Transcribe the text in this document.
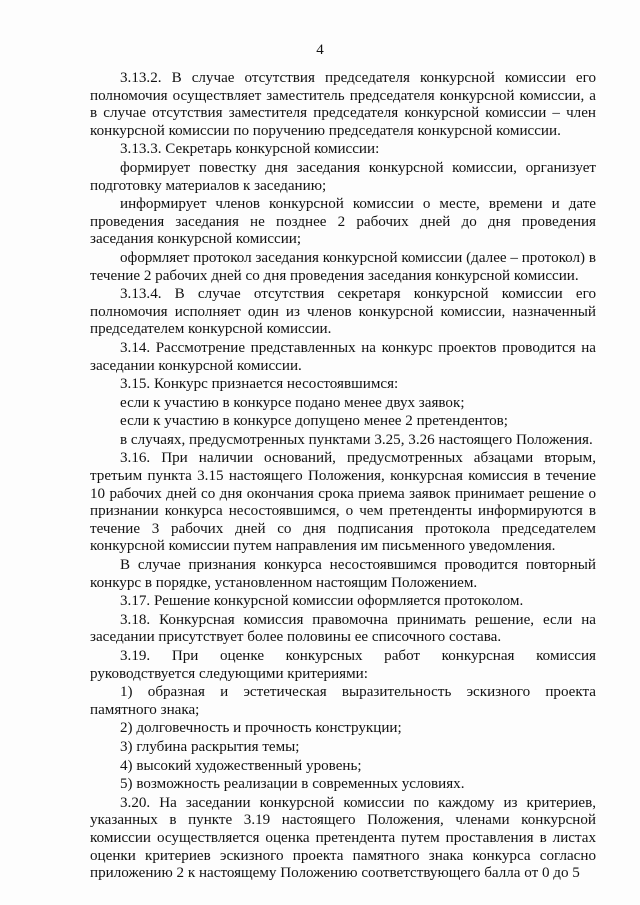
4

3.13.2. В случае отсутствия председателя конкурсной комиссии его полномочия осуществляет заместитель председателя конкурсной комиссии, а в случае отсутствия заместителя председателя конкурсной комиссии – член конкурсной комиссии по поручению председателя конкурсной комиссии.

3.13.3. Секретарь конкурсной комиссии:

формирует повестку дня заседания конкурсной комиссии, организует подготовку материалов к заседанию;

информирует членов конкурсной комиссии о месте, времени и дате проведения заседания не позднее 2 рабочих дней до дня проведения заседания конкурсной комиссии;

оформляет протокол заседания конкурсной комиссии (далее – протокол) в течение 2 рабочих дней со дня проведения заседания конкурсной комиссии.

3.13.4. В случае отсутствия секретаря конкурсной комиссии его полномочия исполняет один из членов конкурсной комиссии, назначенный председателем конкурсной комиссии.

3.14. Рассмотрение представленных на конкурс проектов проводится на заседании конкурсной комиссии.

3.15. Конкурс признается несостоявшимся:

если к участию в конкурсе подано менее двух заявок;

если к участию в конкурсе допущено менее 2 претендентов;

в случаях, предусмотренных пунктами 3.25, 3.26 настоящего Положения.

3.16. При наличии оснований, предусмотренных абзацами вторым, третьим пункта 3.15 настоящего Положения, конкурсная комиссия в течение 10 рабочих дней со дня окончания срока приема заявок принимает решение о признании конкурса несостоявшимся, о чем претенденты информируются в течение 3 рабочих дней со дня подписания протокола председателем конкурсной комиссии путем направления им письменного уведомления.

В случае признания конкурса несостоявшимся проводится повторный конкурс в порядке, установленном настоящим Положением.

3.17. Решение конкурсной комиссии оформляется протоколом.

3.18. Конкурсная комиссия правомочна принимать решение, если на заседании присутствует более половины ее списочного состава.

3.19. При оценке конкурсных работ конкурсная комиссия руководствуется следующими критериями:

1) образная и эстетическая выразительность эскизного проекта памятного знака;

2) долговечность и прочность конструкции;

3) глубина раскрытия темы;

4) высокий художественный уровень;

5) возможность реализации в современных условиях.

3.20. На заседании конкурсной комиссии по каждому из критериев, указанных в пункте 3.19 настоящего Положения, членами конкурсной комиссии осуществляется оценка претендента путем проставления в листах оценки критериев эскизного проекта памятного знака конкурса согласно приложению 2 к настоящему Положению соответствующего балла от 0 до 5
